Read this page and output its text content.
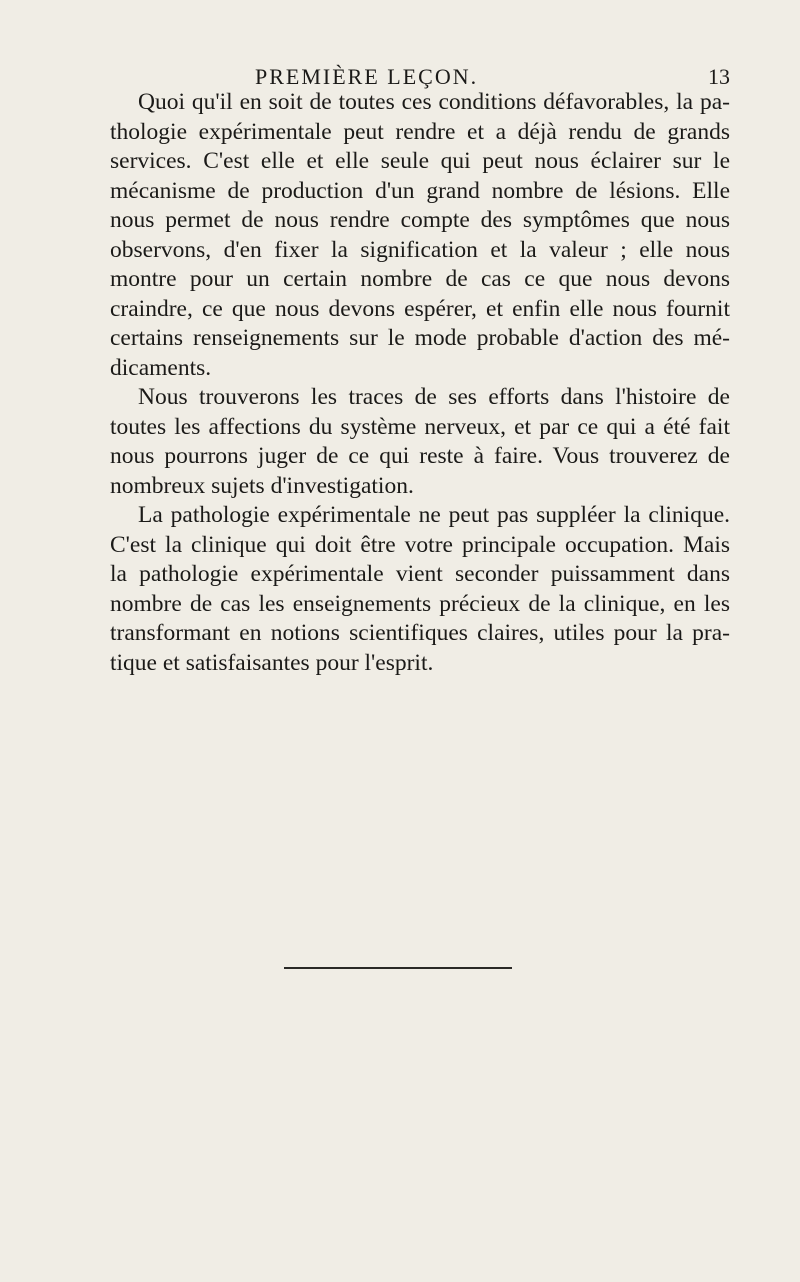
PREMIÈRE LEÇON.	13
Quoi qu'il en soit de toutes ces conditions défavorables, la pa-
thologie expérimentale peut rendre et a déjà rendu de grands
services. C'est elle et elle seule qui peut nous éclairer sur le
mécanisme de production d'un grand nombre de lésions. Elle
nous permet de nous rendre compte des symptômes que nous
observons, d'en fixer la signification et la valeur ; elle nous
montre pour un certain nombre de cas ce que nous devons
craindre, ce que nous devons espérer, et enfin elle nous fournit
certains renseignements sur le mode probable d'action des mé-
dicaments.
Nous trouverons les traces de ses efforts dans l'histoire de
toutes les affections du système nerveux, et par ce qui a été fait
nous pourrons juger de ce qui reste à faire. Vous trouverez de
nombreux sujets d'investigation.
La pathologie expérimentale ne peut pas suppléer la clinique.
C'est la clinique qui doit être votre principale occupation. Mais
la pathologie expérimentale vient seconder puissamment dans
nombre de cas les enseignements précieux de la clinique, en les
transformant en notions scientifiques claires, utiles pour la pra-
tique et satisfaisantes pour l'esprit.
